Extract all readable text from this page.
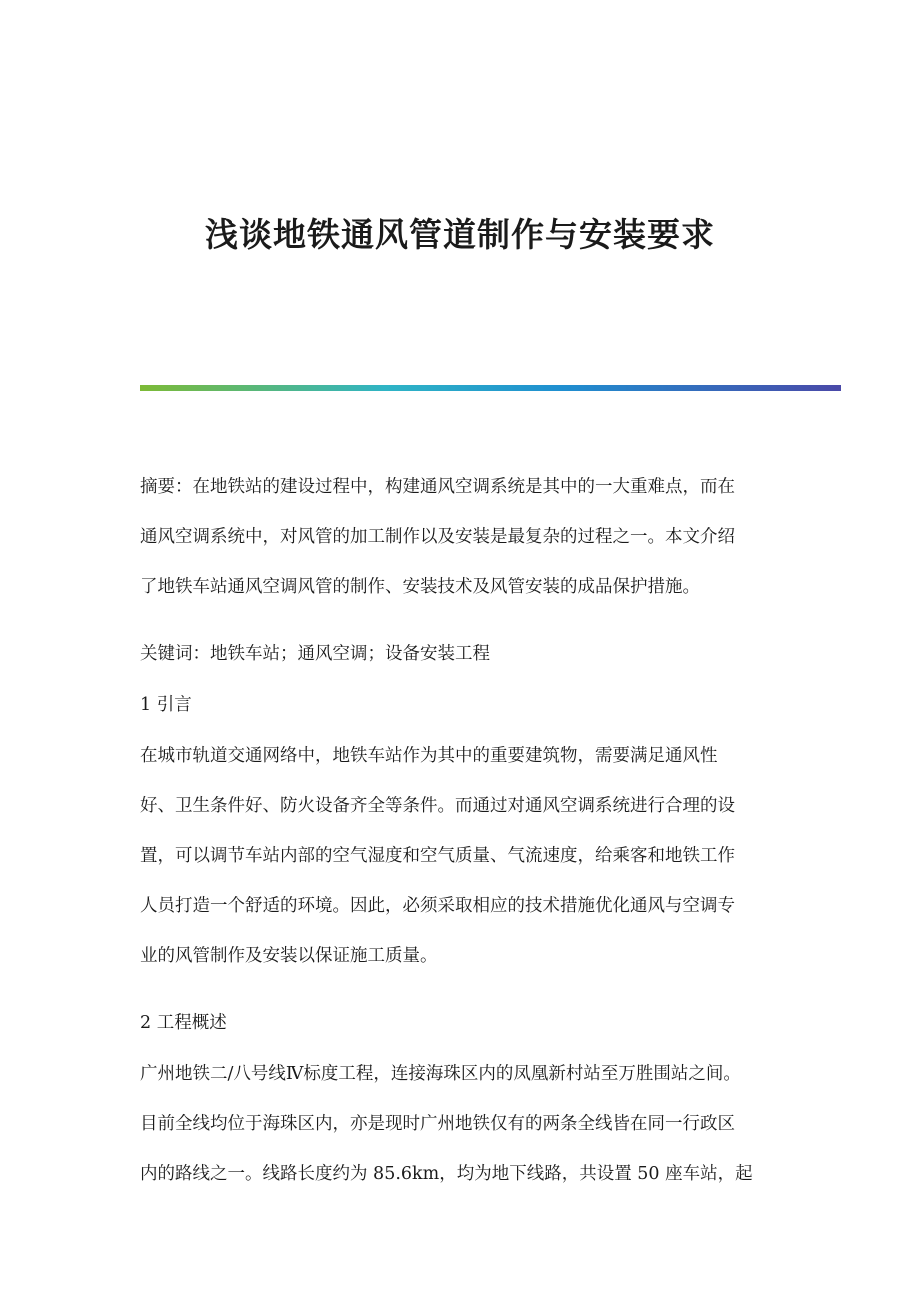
浅谈地铁通风管道制作与安装要求
摘要：在地铁站的建设过程中，构建通风空调系统是其中的一大重难点，而在
通风空调系统中，对风管的加工制作以及安装是最复杂的过程之一。本文介绍
了地铁车站通风空调风管的制作、安装技术及风管安装的成品保护措施。
关键词：地铁车站；通风空调；设备安装工程
1 引言
在城市轨道交通网络中，地铁车站作为其中的重要建筑物，需要满足通风性
好、卫生条件好、防火设备齐全等条件。而通过对通风空调系统进行合理的设
置，可以调节车站内部的空气湿度和空气质量、气流速度，给乘客和地铁工作
人员打造一个舒适的环境。因此，必须采取相应的技术措施优化通风与空调专
业的风管制作及安装以保证施工质量。
2 工程概述
广州地铁二/八号线Ⅳ标度工程，连接海珠区内的凤凰新村站至万胜围站之间。
目前全线均位于海珠区内，亦是现时广州地铁仅有的两条全线皆在同一行政区
内的路线之一。线路长度约为 85.6km，均为地下线路，共设置 50 座车站，起
